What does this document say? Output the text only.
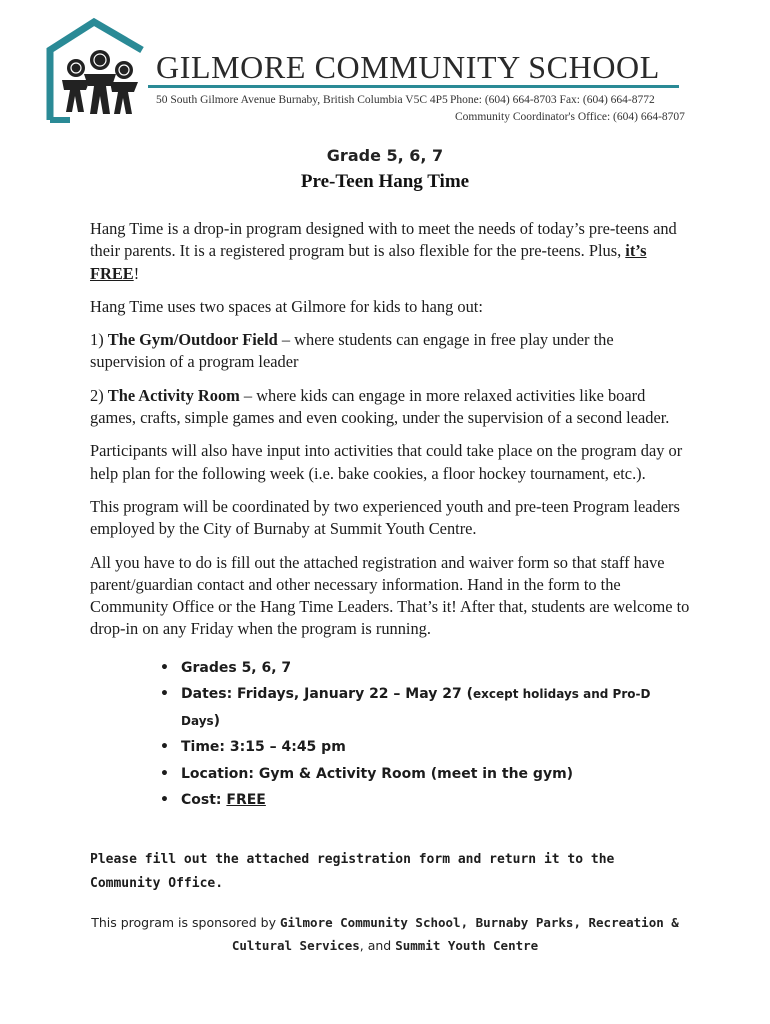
GILMORE COMMUNITY SCHOOL
50 South Gilmore Avenue Burnaby, British Columbia V5C 4P5 Phone: (604) 664-8703 Fax: (604) 664-8772
Community Coordinator's Office: (604) 664-8707
Grade 5, 6, 7
Pre-Teen Hang Time

Hang Time is a drop-in program designed with to meet the needs of today’s pre-teens and their parents. It is a registered program but is also flexible for the pre-teens. Plus, it’s FREE!

Hang Time uses two spaces at Gilmore for kids to hang out:

1) The Gym/Outdoor Field – where students can engage in free play under the supervision of a program leader

2) The Activity Room – where kids can engage in more relaxed activities like board games, crafts, simple games and even cooking, under the supervision of a second leader.

Participants will also have input into activities that could take place on the program day or help plan for the following week (i.e. bake cookies, a floor hockey tournament, etc.).

This program will be coordinated by two experienced youth and pre-teen Program leaders employed by the City of Burnaby at Summit Youth Centre.

All you have to do is fill out the attached registration and waiver form so that staff have parent/guardian contact and other necessary information. Hand in the form to the Community Office or the Hang Time Leaders. That’s it! After that, students are welcome to drop-in on any Friday when the program is running.

• Grades 5, 6, 7
• Dates: Fridays, January 22 – May 27 (except holidays and Pro-D Days)
• Time: 3:15 – 4:45 pm
• Location: Gym & Activity Room (meet in the gym)
• Cost: FREE
Please fill out the attached registration form and return it to the Community Office.
This program is sponsored by Gilmore Community School, Burnaby Parks, Recreation & Cultural Services, and Summit Youth Centre
